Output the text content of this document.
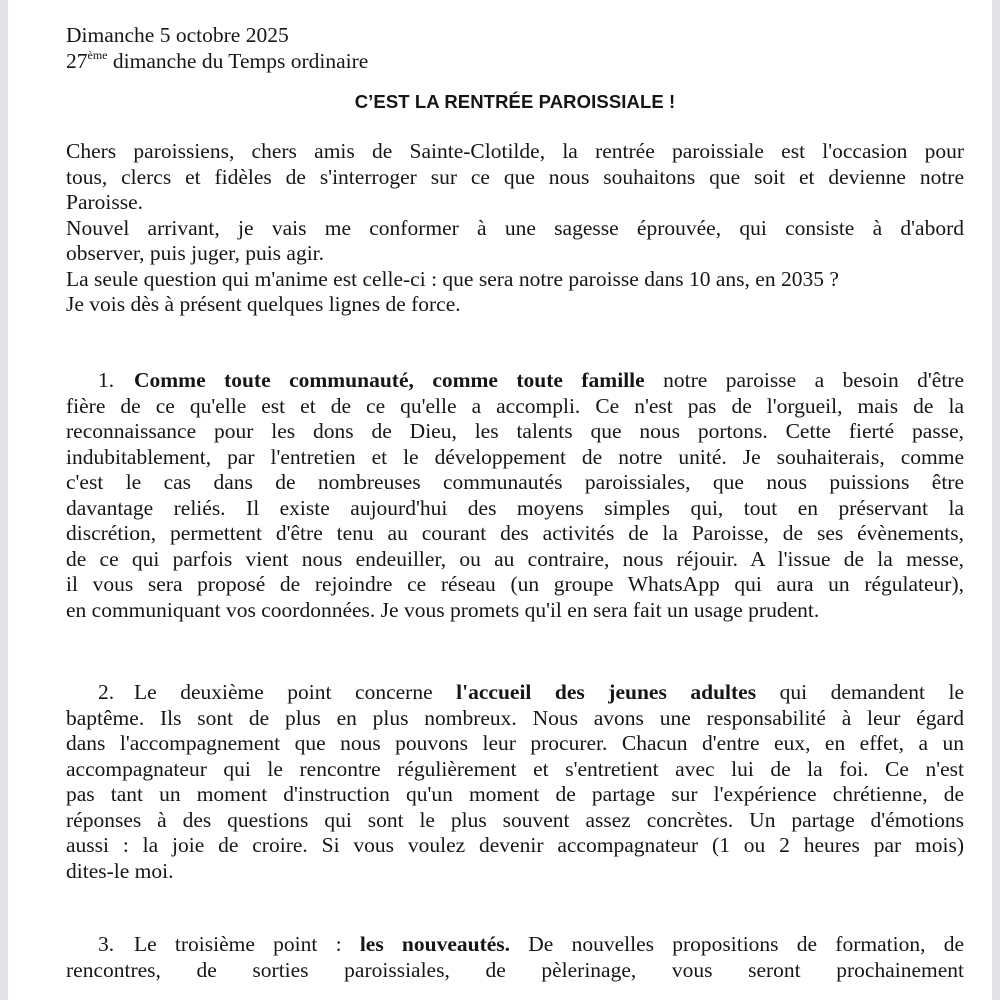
Dimanche 5 octobre 2025
27ème dimanche du Temps ordinaire
C’EST LA RENTRÉE PAROISSIALE !
Chers paroissiens, chers amis de Sainte-Clotilde, la rentrée paroissiale est l'occasion pour
tous, clercs et fidèles de s'interroger sur ce que nous souhaitons que soit et devienne notre
Paroisse.
Nouvel arrivant, je vais me conformer à une sagesse éprouvée, qui consiste à d'abord
observer, puis juger, puis agir.
La seule question qui m'anime est celle-ci : que sera notre paroisse dans 10 ans, en 2035 ?
Je vois dès à présent quelques lignes de force.
1. Comme toute communauté, comme toute famille notre paroisse a besoin d'être
fière de ce qu'elle est et de ce qu'elle a accompli. Ce n'est pas de l'orgueil, mais de la
reconnaissance pour les dons de Dieu, les talents que nous portons. Cette fierté passe,
indubitablement, par l'entretien et le développement de notre unité. Je souhaiterais, comme
c'est le cas dans de nombreuses communautés paroissiales, que nous puissions être
davantage reliés. Il existe aujourd'hui des moyens simples qui, tout en préservant la
discrétion, permettent d'être tenu au courant des activités de la Paroisse, de ses évènements,
de ce qui parfois vient nous endeuiller, ou au contraire, nous réjouir. A l'issue de la messe,
il vous sera proposé de rejoindre ce réseau (un groupe WhatsApp qui aura un régulateur),
en communiquant vos coordonnées. Je vous promets qu'il en sera fait un usage prudent.
2. Le deuxième point concerne l'accueil des jeunes adultes qui demandent le
baptême. Ils sont de plus en plus nombreux. Nous avons une responsabilité à leur égard
dans l'accompagnement que nous pouvons leur procurer. Chacun d'entre eux, en effet, a un
accompagnateur qui le rencontre régulièrement et s'entretient avec lui de la foi. Ce n'est
pas tant un moment d'instruction qu'un moment de partage sur l'expérience chrétienne, de
réponses à des questions qui sont le plus souvent assez concrètes. Un partage d'émotions
aussi : la joie de croire. Si vous voulez devenir accompagnateur (1 ou 2 heures par mois)
dites-le moi.
3. Le troisième point : les nouveautés. De nouvelles propositions de formation, de
rencontres, de sorties paroissiales, de pèlerinage, vous seront prochainement
